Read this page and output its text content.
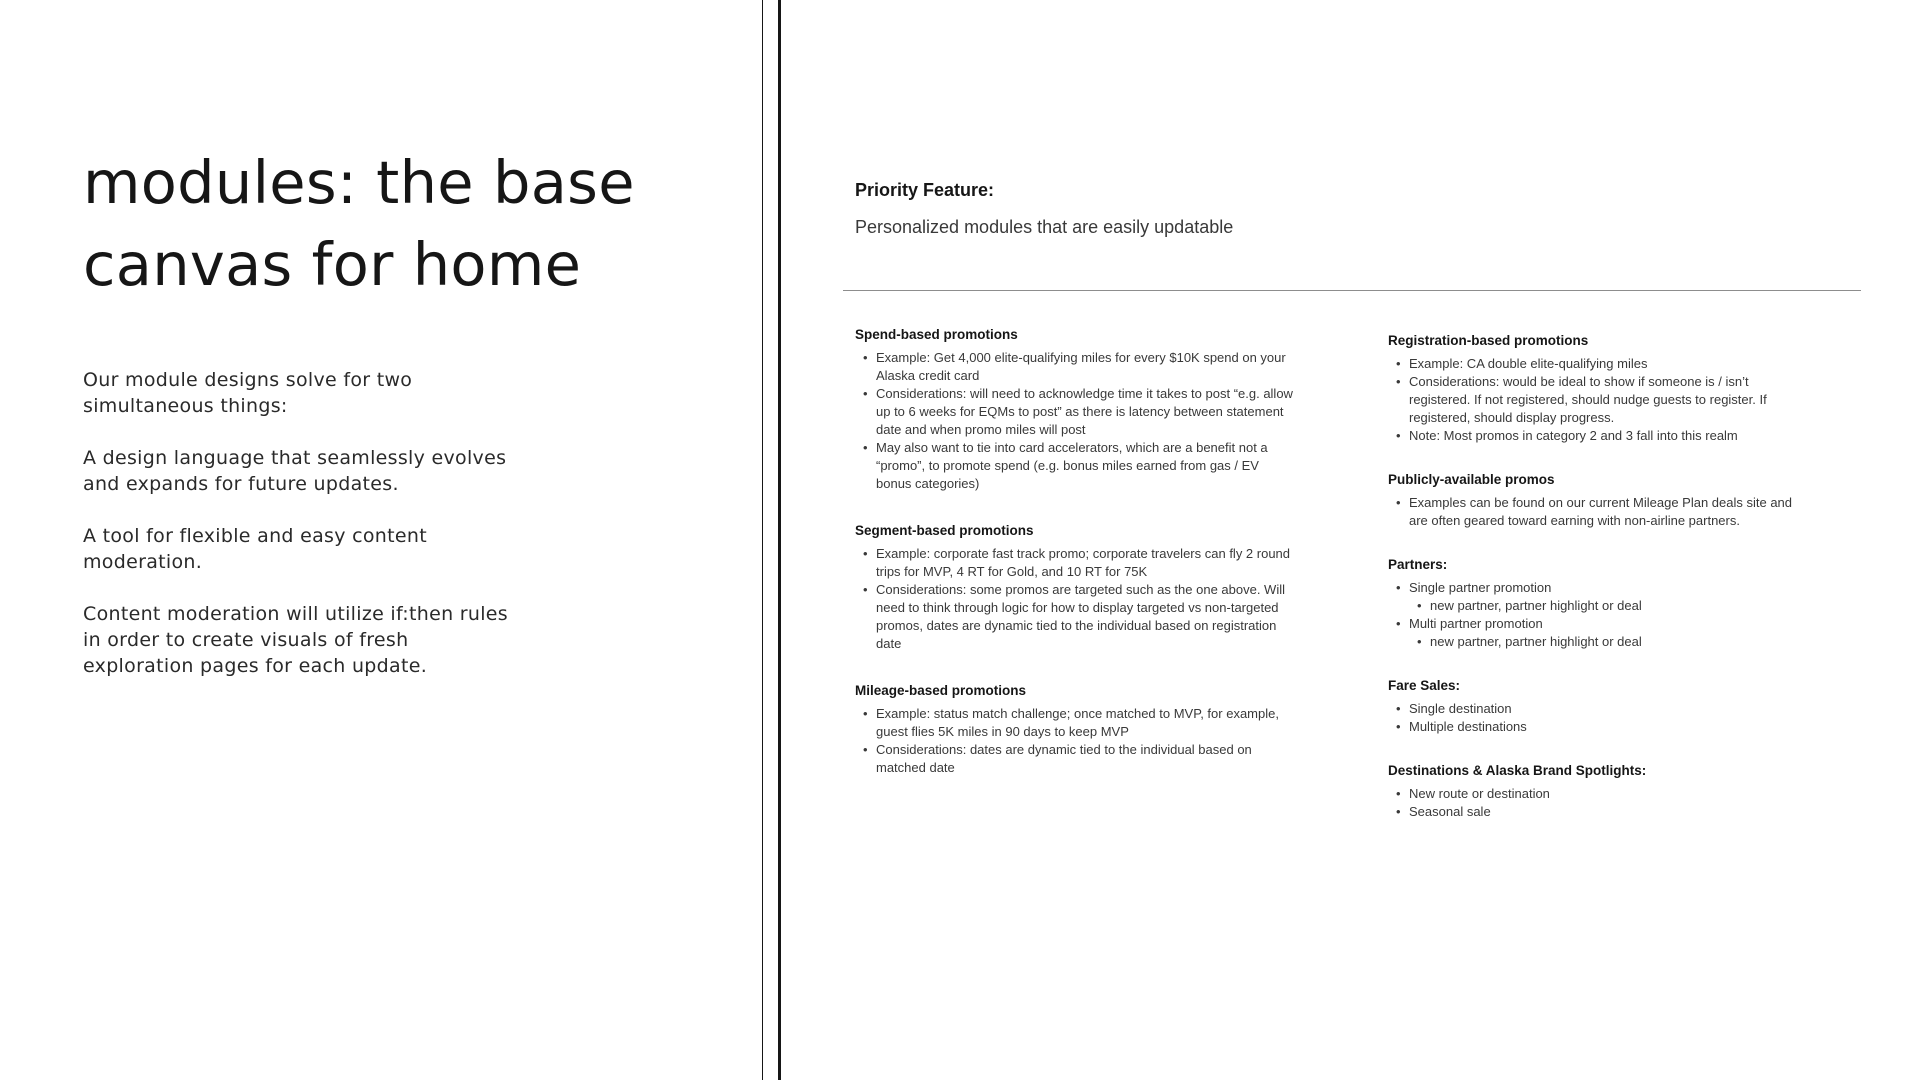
modules: the base canvas for home

Our module designs solve for two simultaneous things:

A design language that seamlessly evolves and expands for future updates.

A tool for flexible and easy content moderation.

Content moderation will utilize if:then rules in order to create visuals of fresh exploration pages for each update.

Priority Feature:
Personalized modules that are easily updatable
Spend-based promotions
• Example: Get 4,000 elite-qualifying miles for every $10K spend on your Alaska credit card
• Considerations: will need to acknowledge time it takes to post “e.g. allow up to 6 weeks for EQMs to post” as there is latency between statement date and when promo miles will post
• May also want to tie into card accelerators, which are a benefit not a “promo”, to promote spend (e.g. bonus miles earned from gas / EV bonus categories)
Segment-based promotions
• Example: corporate fast track promo; corporate travelers can fly 2 round trips for MVP, 4 RT for Gold, and 10 RT for 75K
• Considerations: some promos are targeted such as the one above. Will need to think through logic for how to display targeted vs non-targeted promos, dates are dynamic tied to the individual based on registration date
Mileage-based promotions
• Example: status match challenge; once matched to MVP, for example, guest flies 5K miles in 90 days to keep MVP
• Considerations: dates are dynamic tied to the individual based on matched date
Registration-based promotions
• Example: CA double elite-qualifying miles
• Considerations: would be ideal to show if someone is / isn’t registered. If not registered, should nudge guests to register. If registered, should display progress.
• Note: Most promos in category 2 and 3 fall into this realm
Publicly-available promos
• Examples can be found on our current Mileage Plan deals site and are often geared toward earning with non-airline partners.
Partners:
• Single partner promotion
• new partner, partner highlight or deal
• Multi partner promotion
• new partner, partner highlight or deal
Fare Sales:
• Single destination
• Multiple destinations
Destinations & Alaska Brand Spotlights:
• New route or destination
• Seasonal sale
